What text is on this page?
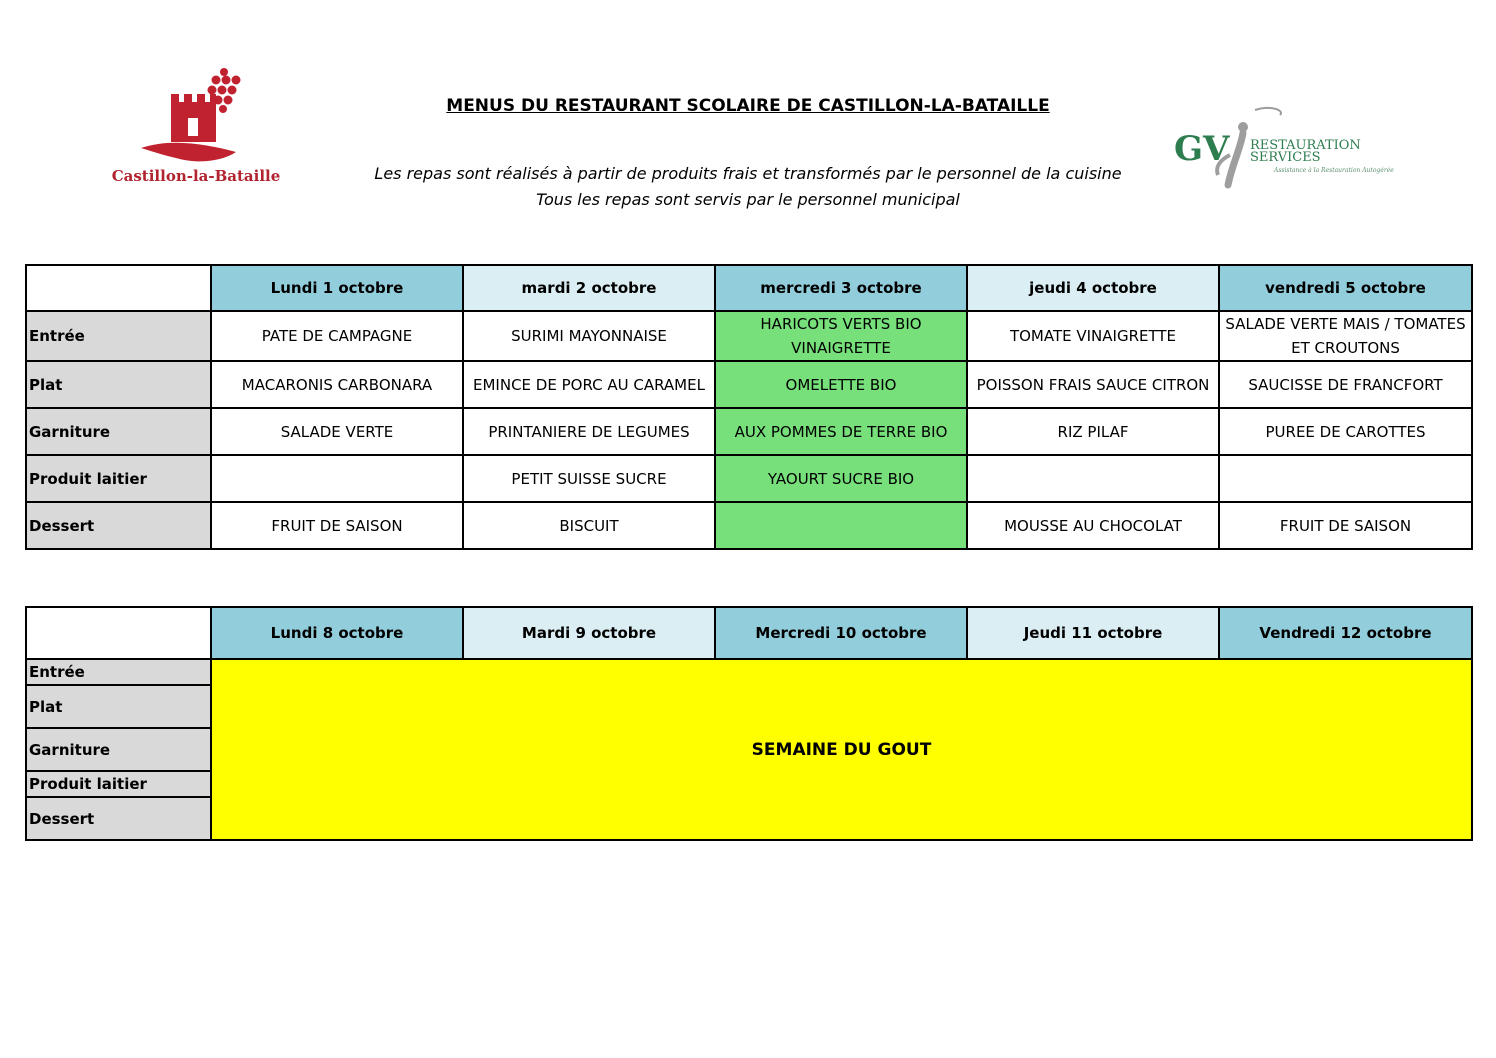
MENUS DU RESTAURANT SCOLAIRE DE CASTILLON-LA-BATAILLE
Les repas sont réalisés à partir de produits frais et transformés par le personnel de la cuisine
Tous les repas sont servis par le personnel municipal
Castillon-la-Bataille
GV RESTAURATION
SERVICES
Assistance à la Restauration Autogérée
	Lundi 1 octobre	mardi 2 octobre	mercredi 3 octobre	jeudi 4 octobre	vendredi 5 octobre
Entrée	PATE DE CAMPAGNE	SURIMI MAYONNAISE	HARICOTS VERTS BIO VINAIGRETTE	TOMATE VINAIGRETTE	SALADE VERTE MAIS / TOMATES ET CROUTONS
Plat	MACARONIS CARBONARA	EMINCE DE PORC AU CARAMEL	OMELETTE BIO	POISSON FRAIS SAUCE CITRON	SAUCISSE DE FRANCFORT
Garniture	SALADE VERTE	PRINTANIERE DE LEGUMES	AUX POMMES DE TERRE BIO	RIZ PILAF	PUREE DE CAROTTES
Produit laitier		PETIT SUISSE SUCRE	YAOURT SUCRE BIO		
Dessert	FRUIT DE SAISON	BISCUIT		MOUSSE AU CHOCOLAT	FRUIT DE SAISON
	Lundi 8 octobre	Mardi 9 octobre	Mercredi 10 octobre	Jeudi 11 octobre	Vendredi 12 octobre
Entrée	SEMAINE DU GOUT				
Plat					
Garniture					
Produit laitier					
Dessert					
